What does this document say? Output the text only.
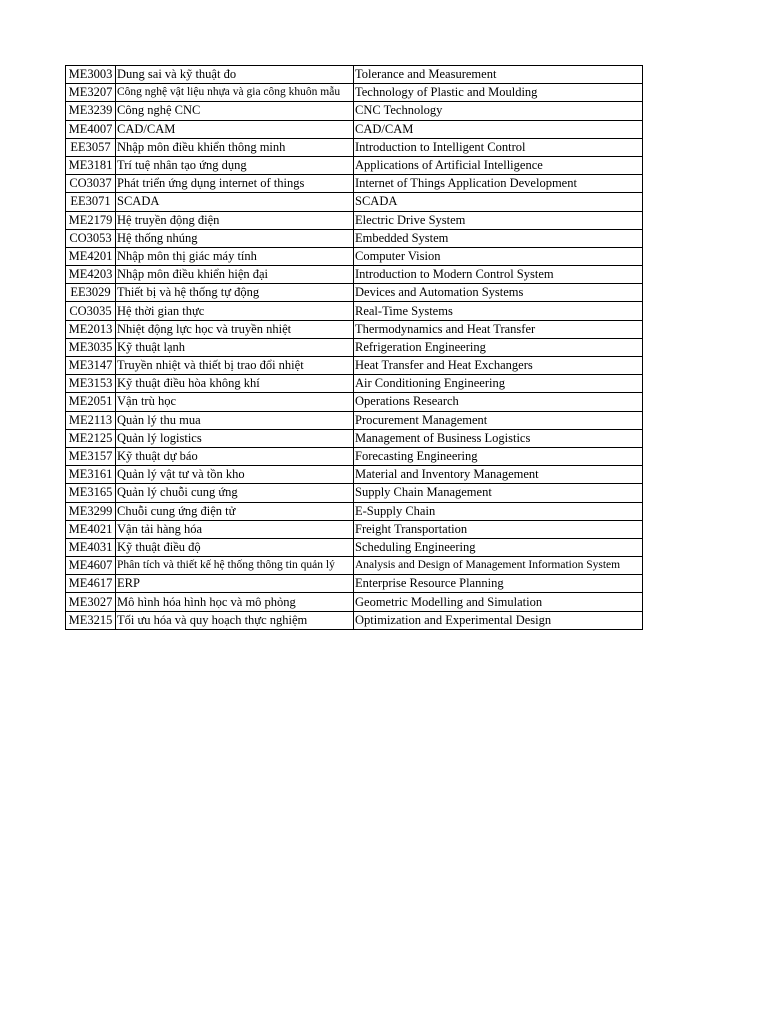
ME3003	Dung sai và kỹ thuật đo	Tolerance and Measurement
ME3207	Công nghệ vật liệu nhựa và gia công khuôn mẫu	Technology of Plastic and Moulding
ME3239	Công nghệ CNC	CNC Technology
ME4007	CAD/CAM	CAD/CAM
EE3057	Nhập môn điều khiển thông minh	Introduction to Intelligent Control
ME3181	Trí tuệ nhân tạo ứng dụng	Applications of Artificial Intelligence
CO3037	Phát triển ứng dụng internet of things	Internet of Things Application Development
EE3071	SCADA	SCADA
ME2179	Hệ truyền động điện	Electric Drive System
CO3053	Hệ thống nhúng	Embedded System
ME4201	Nhập môn thị giác máy tính	Computer Vision
ME4203	Nhập môn điều khiển hiện đại	Introduction to Modern Control System
EE3029	Thiết bị và hệ thống tự động	Devices and Automation Systems
CO3035	Hệ thời gian thực	Real-Time Systems
ME2013	Nhiệt động lực học và truyền nhiệt	Thermodynamics and Heat Transfer
ME3035	Kỹ thuật lạnh	Refrigeration Engineering
ME3147	Truyền nhiệt và thiết bị trao đổi nhiệt	Heat Transfer and Heat Exchangers
ME3153	Kỹ thuật điều hòa không khí	Air Conditioning Engineering
ME2051	Vận trù học	Operations Research
ME2113	Quản lý thu mua	Procurement Management
ME2125	Quản lý logistics	Management of Business Logistics
ME3157	Kỹ thuật dự báo	Forecasting Engineering
ME3161	Quản lý vật tư và tồn kho	Material and Inventory Management
ME3165	Quản lý chuỗi cung ứng	Supply Chain Management
ME3299	Chuỗi cung ứng điện tử	E-Supply Chain
ME4021	Vận tải hàng hóa	Freight Transportation
ME4031	Kỹ thuật điều độ	Scheduling Engineering
ME4607	Phân tích và thiết kế hệ thống thông tin quản lý	Analysis and Design of Management Information System
ME4617	ERP	Enterprise Resource Planning
ME3027	Mô hình hóa hình học và mô phỏng	Geometric Modelling and Simulation
ME3215	Tối ưu hóa và quy hoạch thực nghiệm	Optimization and Experimental Design
